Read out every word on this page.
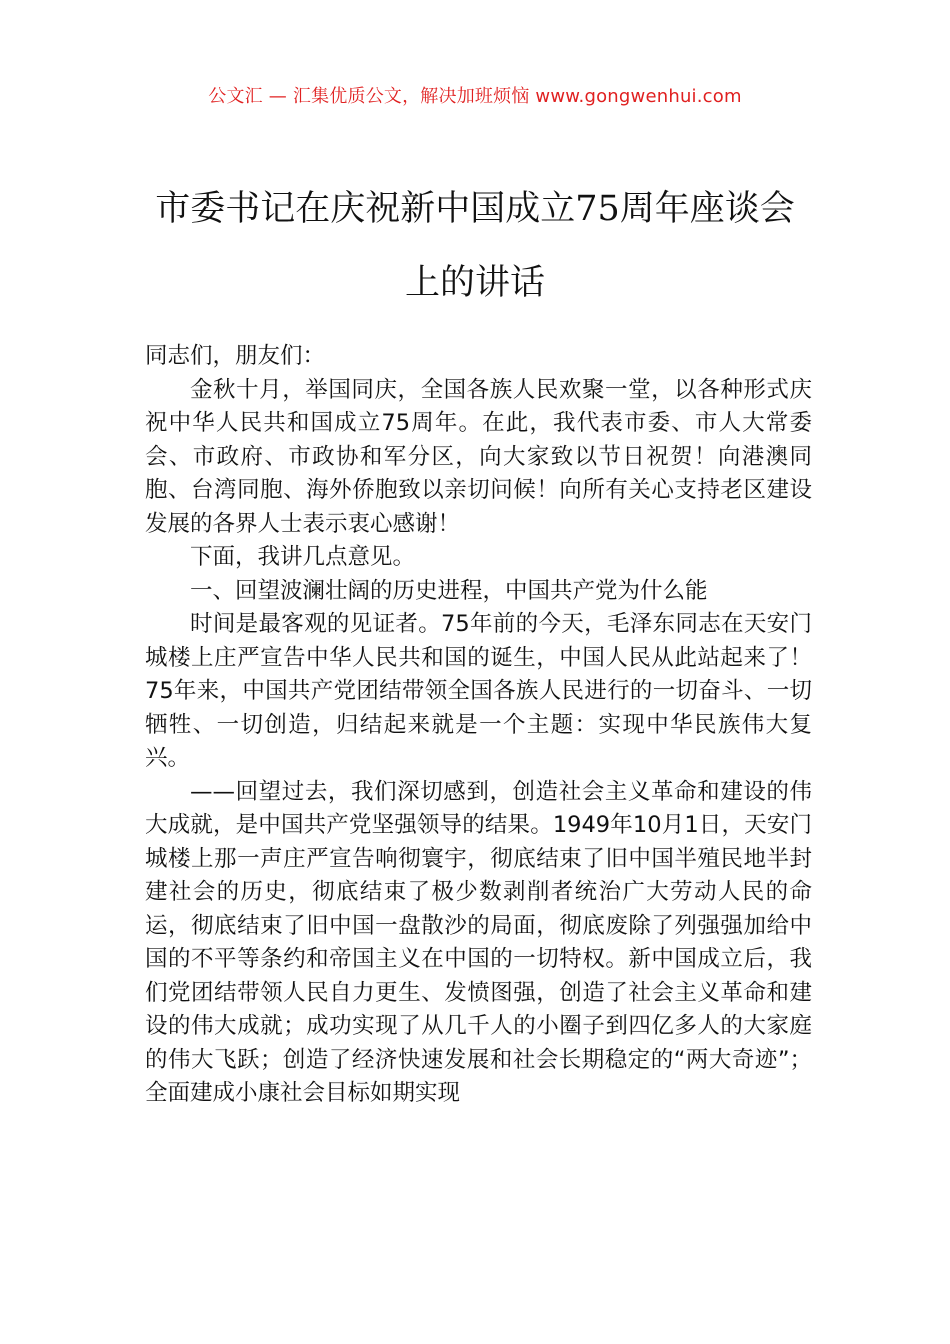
公文汇 — 汇集优质公文，解决加班烦恼 www.gongwenhui.com
市委书记在庆祝新中国成立75周年座谈会
上的讲话

同志们，朋友们：

金秋十月，举国同庆，全国各族人民欢聚一堂，以各种形式庆祝中华人民共和国成立75周年。在此，我代表市委、市人大常委会、市政府、市政协和军分区，向大家致以节日祝贺！向港澳同胞、台湾同胞、海外侨胞致以亲切问候！向所有关心支持老区建设发展的各界人士表示衷心感谢！

下面，我讲几点意见。

一、回望波澜壮阔的历史进程，中国共产党为什么能

时间是最客观的见证者。75年前的今天，毛泽东同志在天安门城楼上庄严宣告中华人民共和国的诞生，中国人民从此站起来了！75年来，中国共产党团结带领全国各族人民进行的一切奋斗、一切牺牲、一切创造，归结起来就是一个主题：实现中华民族伟大复兴。

——回望过去，我们深切感到，创造社会主义革命和建设的伟大成就，是中国共产党坚强领导的结果。1949年10月1日，天安门城楼上那一声庄严宣告响彻寰宇，彻底结束了旧中国半殖民地半封建社会的历史，彻底结束了极少数剥削者统治广大劳动人民的命运，彻底结束了旧中国一盘散沙的局面，彻底废除了列强强加给中国的不平等条约和帝国主义在中国的一切特权。新中国成立后，我们党团结带领人民自力更生、发愤图强，创造了社会主义革命和建设的伟大成就；成功实现了从几千人的小圈子到四亿多人的大家庭的伟大飞跃；创造了经济快速发展和社会长期稳定的“两大奇迹”；全面建成小康社会目标如期实现
